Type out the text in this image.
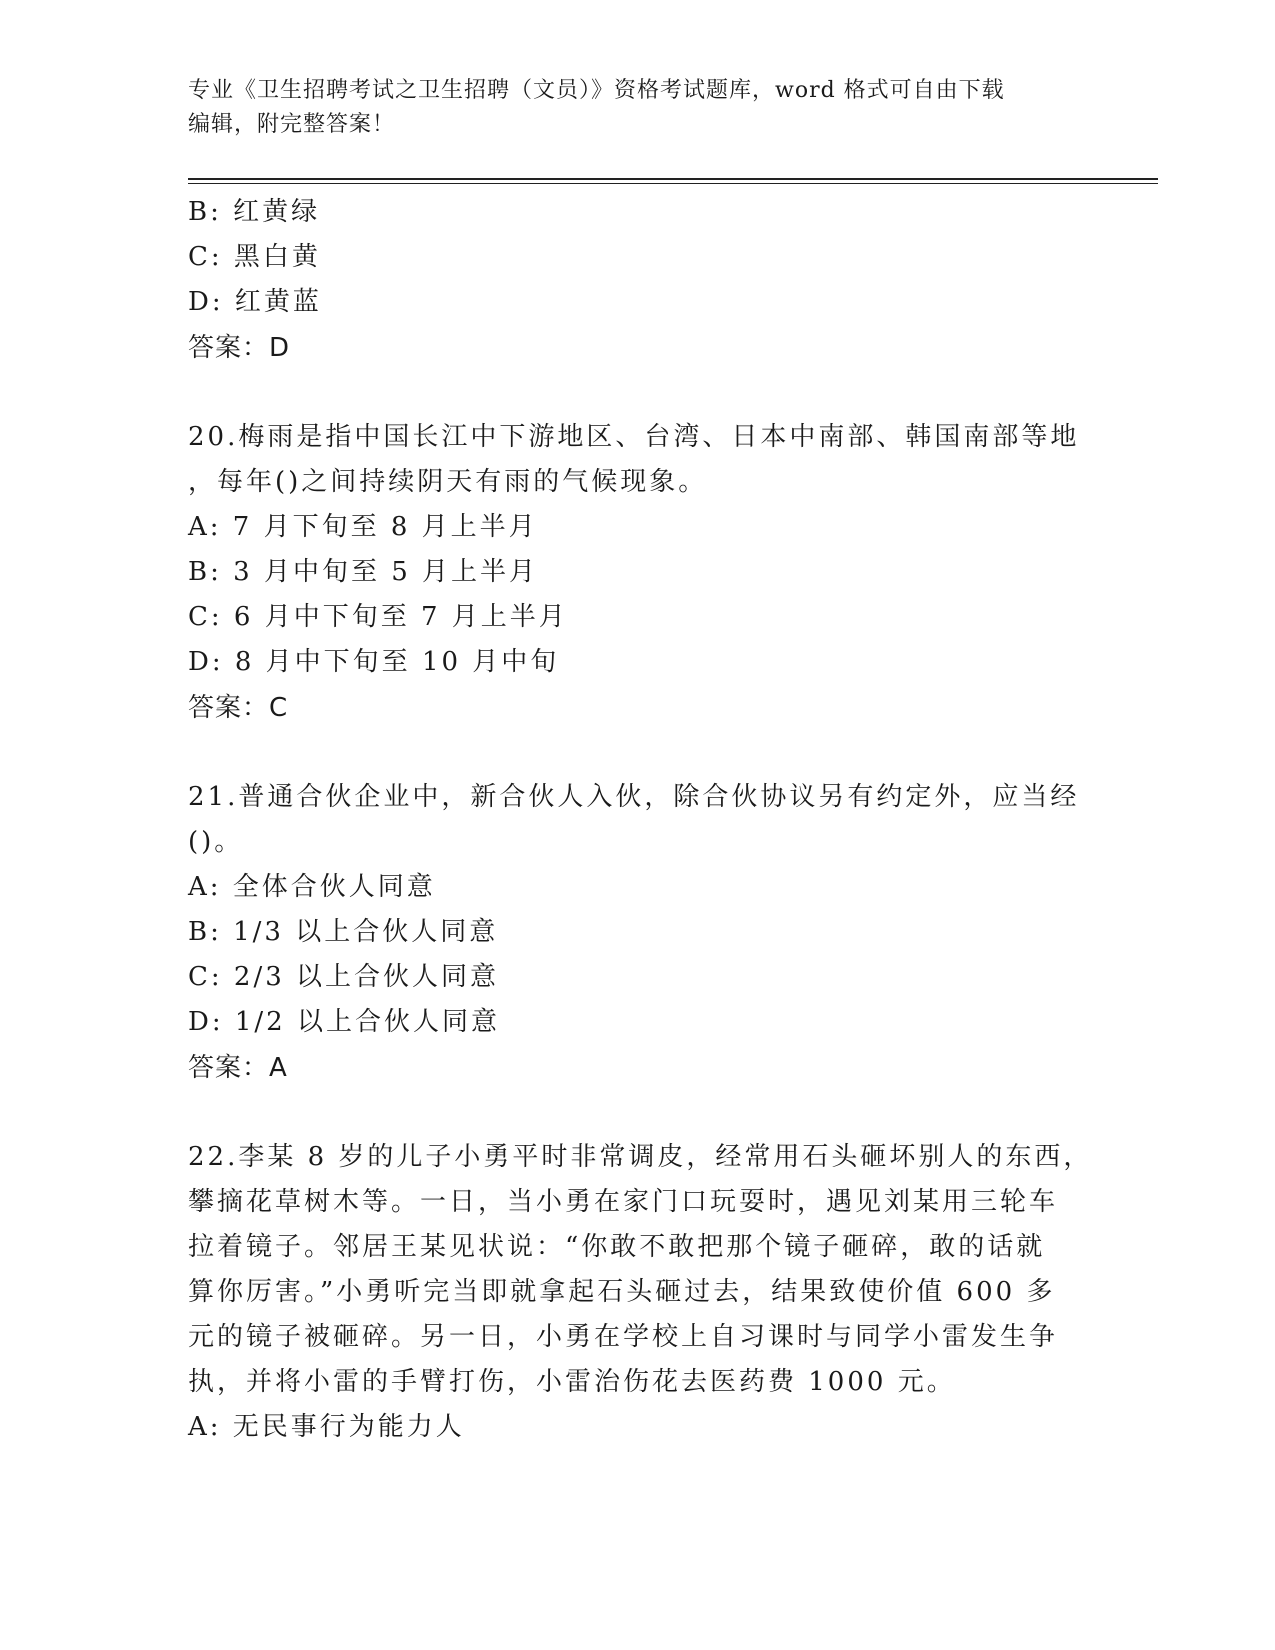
专业《卫生招聘考试之卫生招聘（文员）》资格考试题库，word 格式可自由下载
编辑，附完整答案！
B: 红黄绿
C: 黑白黄
D: 红黄蓝
答案：D
20.梅雨是指中国长江中下游地区、台湾、日本中南部、韩国南部等地
，每年()之间持续阴天有雨的气候现象。
A: 7 月下旬至 8 月上半月
B: 3 月中旬至 5 月上半月
C: 6 月中下旬至 7 月上半月
D: 8 月中下旬至 10 月中旬
答案：C
21.普通合伙企业中，新合伙人入伙，除合伙协议另有约定外，应当经
()。
A: 全体合伙人同意
B: 1/3 以上合伙人同意
C: 2/3 以上合伙人同意
D: 1/2 以上合伙人同意
答案：A
22.李某 8 岁的儿子小勇平时非常调皮，经常用石头砸坏别人的东西，
攀摘花草树木等。一日，当小勇在家门口玩耍时，遇见刘某用三轮车
拉着镜子。邻居王某见状说：“你敢不敢把那个镜子砸碎，敢的话就
算你厉害。”小勇听完当即就拿起石头砸过去，结果致使价值 600 多
元的镜子被砸碎。另一日，小勇在学校上自习课时与同学小雷发生争
执，并将小雷的手臂打伤，小雷治伤花去医药费 1000 元。
A: 无民事行为能力人
